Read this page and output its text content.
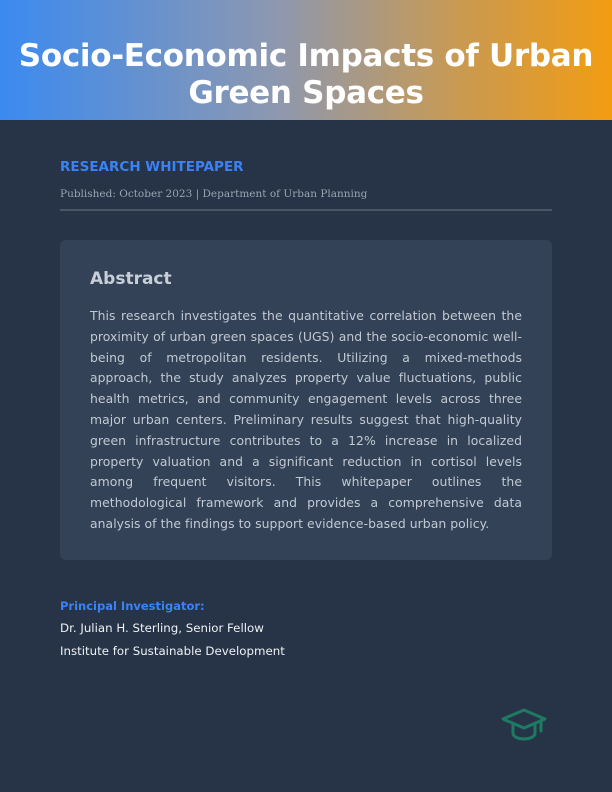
Socio-Economic Impacts of Urban Green Spaces
RESEARCH WHITEPAPER
Published: October 2023 | Department of Urban Planning
Abstract

This research investigates the quantitative correlation between the proximity of urban green spaces (UGS) and the socio-economic well-being of metropolitan residents. Utilizing a mixed-methods approach, the study analyzes property value fluctuations, public health metrics, and community engagement levels across three major urban centers. Preliminary results suggest that high-quality green infrastructure contributes to a 12% increase in localized property valuation and a significant reduction in cortisol levels among frequent visitors. This whitepaper outlines the methodological framework and provides a comprehensive data analysis of the findings to support evidence-based urban policy.

Principal Investigator:
Dr. Julian H. Sterling, Senior Fellow
Institute for Sustainable Development
